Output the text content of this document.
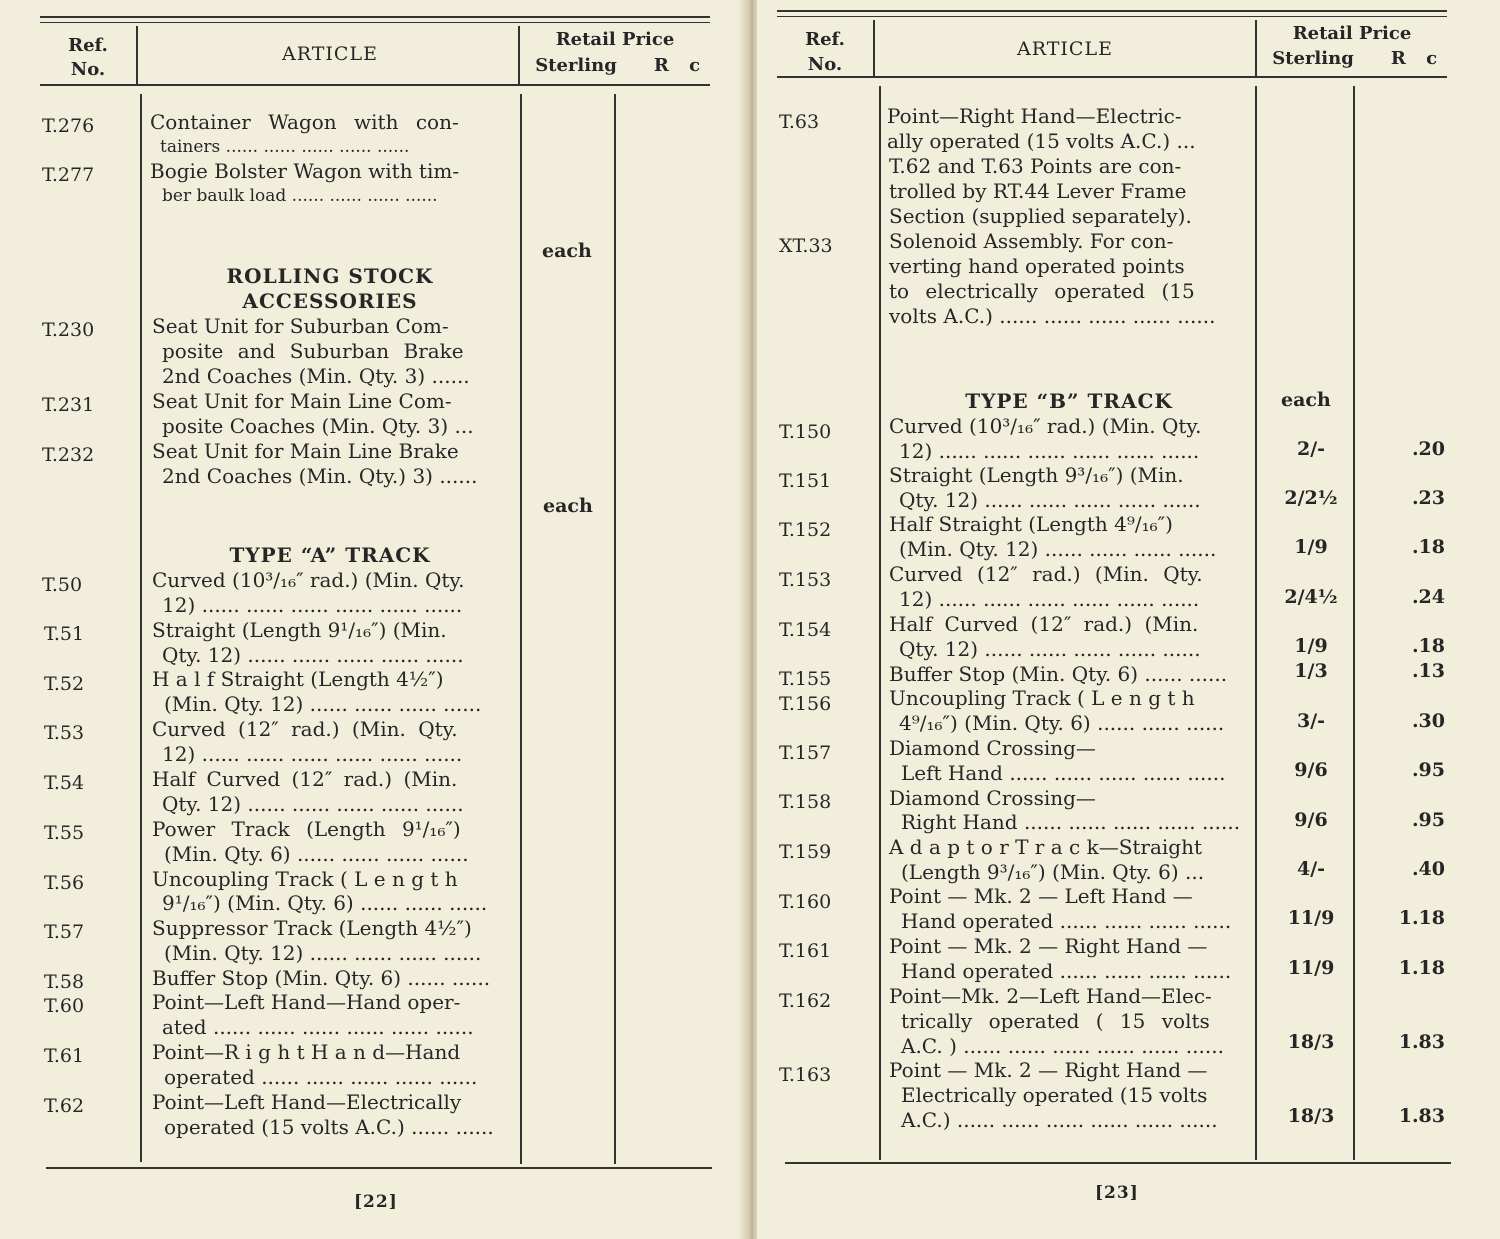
Ref.
No.
ARTICLE
Retail Price
Sterling	R c
T.276	Container Wagon with con-
tainers ...... ...... ...... ...... ......
T.277	Bogie Bolster Wagon with tim-
ber baulk load ...... ...... ...... ......
each
ROLLING STOCK
ACCESSORIES
T.230	Seat Unit for Suburban Com-
posite and Suburban Brake
2nd Coaches (Min. Qty. 3) ......
T.231	Seat Unit for Main Line Com-
posite Coaches (Min. Qty. 3) ...
T.232	Seat Unit for Main Line Brake
2nd Coaches (Min. Qty.) 3) ......
each
TYPE “A” TRACK
T.50	Curved (10³/₁₆″ rad.) (Min. Qty.
12) ...... ...... ...... ...... ...... ......
T.51	Straight (Length 9¹/₁₆″) (Min.
Qty. 12) ...... ...... ...... ...... ......
T.52	H a l f Straight (Length 4½″)
(Min. Qty. 12) ...... ...... ...... ......
T.53	Curved (12″ rad.) (Min. Qty.
12) ...... ...... ...... ...... ...... ......
T.54	Half Curved (12″ rad.) (Min.
Qty. 12) ...... ...... ...... ...... ......
T.55	Power Track (Length 9¹/₁₆″)
(Min. Qty. 6) ...... ...... ...... ......
T.56	Uncoupling Track ( L e n g t h
9¹/₁₆″) (Min. Qty. 6) ...... ...... ......
T.57	Suppressor Track (Length 4½″)
(Min. Qty. 12) ...... ...... ...... ......
T.58	Buffer Stop (Min. Qty. 6) ...... ......
T.60	Point—Left Hand—Hand oper-
ated ...... ...... ...... ...... ...... ......
T.61	Point—R i g h t H a n d—Hand
operated ...... ...... ...... ...... ......
T.62	Point—Left Hand—Electrically
operated (15 volts A.C.) ...... ......
[22]
Ref.
No.
ARTICLE
Retail Price
Sterling	R c
T.63	Point—Right Hand—Electric-
ally operated (15 volts A.C.) ...
T.62 and T.63 Points are con-
trolled by RT.44 Lever Frame
Section (supplied separately).
XT.33	Solenoid Assembly. For con-
verting hand operated points
to electrically operated (15
volts A.C.) ...... ...... ...... ...... ......
TYPE “B” TRACK	each
T.150	Curved (10³/₁₆″ rad.) (Min. Qty.
12) ...... ...... ...... ...... ...... ......	2/-	.20
T.151	Straight (Length 9³/₁₆″) (Min.
Qty. 12) ...... ...... ...... ...... ......	2/2½	.23
T.152	Half Straight (Length 4⁹/₁₆″)
(Min. Qty. 12) ...... ...... ...... ......	1/9	.18
T.153	Curved (12″ rad.) (Min. Qty.
12) ...... ...... ...... ...... ...... ......	2/4½	.24
T.154	Half Curved (12″ rad.) (Min.
Qty. 12) ...... ...... ...... ...... ......	1/9	.18
T.155	Buffer Stop (Min. Qty. 6) ...... ......	1/3	.13
T.156	Uncoupling Track ( L e n g t h
4⁹/₁₆″) (Min. Qty. 6) ...... ...... ......	3/-	.30
T.157	Diamond Crossing—
Left Hand ...... ...... ...... ...... ......	9/6	.95
T.158	Diamond Crossing—
Right Hand ...... ...... ...... ...... ......	9/6	.95
T.159	A d a p t o r T r a c k—Straight
(Length 9³/₁₆″) (Min. Qty. 6) ...	4/-	.40
T.160	Point — Mk. 2 — Left Hand —
Hand operated ...... ...... ...... ......	11/9	1.18
T.161	Point — Mk. 2 — Right Hand —
Hand operated ...... ...... ...... ......	11/9	1.18
T.162	Point—Mk. 2—Left Hand—Elec-
trically operated ( 15 volts
A.C. ) ...... ...... ...... ...... ...... ......	18/3	1.83
T.163	Point — Mk. 2 — Right Hand —
Electrically operated (15 volts
A.C.) ...... ...... ...... ...... ...... ......	18/3	1.83
[23]
